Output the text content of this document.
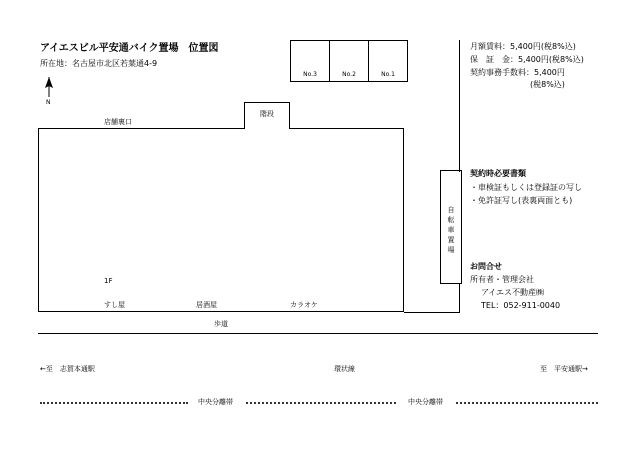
アイエスビル平安通バイク置場　位置図
所在地：名古屋市北区若葉通4-9
N
No.3	No.2	No.1
店舗裏口
階段
1F
すし屋	居酒屋	カラオケ
歩道
自転車置場
月額賃料：5,400円(税8%込)
保　証　金：5,400円(税8%込)
契約事務手数料：5,400円
(税8%込)
契約時必要書類
・車検証もしくは登録証の写し
・免許証写し(表裏両面とも)
お問合せ
所有者・管理会社
アイエス不動産㈱
TEL：052-911-0040
←至　志賀本通駅	環状線	至　平安通駅→
中央分離帯	中央分離帯
